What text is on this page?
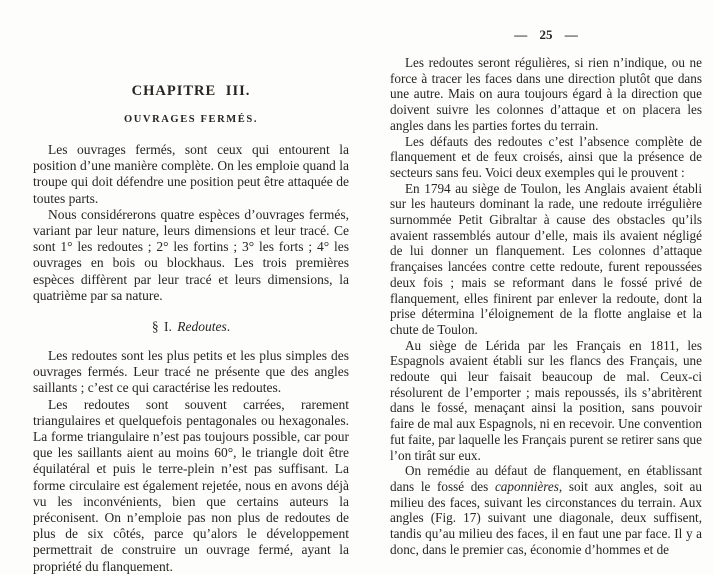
CHAPITRE III.
OUVRAGES FERMÉS.

Les ouvrages fermés, sont ceux qui entourent la position d’une manière complète. On les emploie quand la troupe qui doit défendre une position peut être attaquée de toutes parts.

Nous considérerons quatre espèces d’ouvrages fermés, variant par leur nature, leurs dimensions et leur tracé. Ce sont 1° les redoutes ; 2° les fortins ; 3° les forts ; 4° les ouvrages en bois ou blockhaus. Les trois premières espèces diffèrent par leur tracé et leurs dimensions, la quatrième par sa nature.

§ I. Redoutes.

Les redoutes sont les plus petits et les plus simples des ouvrages fermés. Leur tracé ne présente que des angles saillants ; c’est ce qui caractérise les redoutes.

Les redoutes sont souvent carrées, rarement triangulaires et quelquefois pentagonales ou hexagonales. La forme triangulaire n’est pas toujours possible, car pour que les saillants aient au moins 60°, le triangle doit être équilatéral et puis le terre-plein n’est pas suffisant. La forme circulaire est également rejetée, nous en avons déjà vu les inconvénients, bien que certains auteurs la préconisent. On n’emploie pas non plus de redoutes de plus de six côtés, parce qu’alors le développement permettrait de construire un ouvrage fermé, ayant la propriété du flanquement.

— 25 —

Les redoutes seront régulières, si rien n’indique, ou ne force à tracer les faces dans une direction plutôt que dans une autre. Mais on aura toujours égard à la direction que doivent suivre les colonnes d’attaque et on placera les angles dans les parties fortes du terrain.

Les défauts des redoutes c’est l’absence complète de flanquement et de feux croisés, ainsi que la présence de secteurs sans feu. Voici deux exemples qui le prouvent :

En 1794 au siège de Toulon, les Anglais avaient établi sur les hauteurs dominant la rade, une redoute irrégulière surnommée Petit Gibraltar à cause des obstacles qu’ils avaient rassemblés autour d’elle, mais ils avaient négligé de lui donner un flanquement. Les colonnes d’attaque françaises lancées contre cette redoute, furent repoussées deux fois ; mais se reformant dans le fossé privé de flanquement, elles finirent par enlever la redoute, dont la prise détermina l’éloignement de la flotte anglaise et la chute de Toulon.

Au siège de Lérida par les Français en 1811, les Espagnols avaient établi sur les flancs des Français, une redoute qui leur faisait beaucoup de mal. Ceux-ci résolurent de l’emporter ; mais repoussés, ils s’abritèrent dans le fossé, menaçant ainsi la position, sans pouvoir faire de mal aux Espagnols, ni en recevoir. Une convention fut faite, par laquelle les Français purent se retirer sans que l’on tirât sur eux.

On remédie au défaut de flanquement, en établissant dans le fossé des caponnières, soit aux angles, soit au milieu des faces, suivant les circonstances du terrain. Aux angles (Fig. 17) suivant une diagonale, deux suffisent, tandis qu’au milieu des faces, il en faut une par face. Il y a donc, dans le premier cas, économie d’hommes et de
